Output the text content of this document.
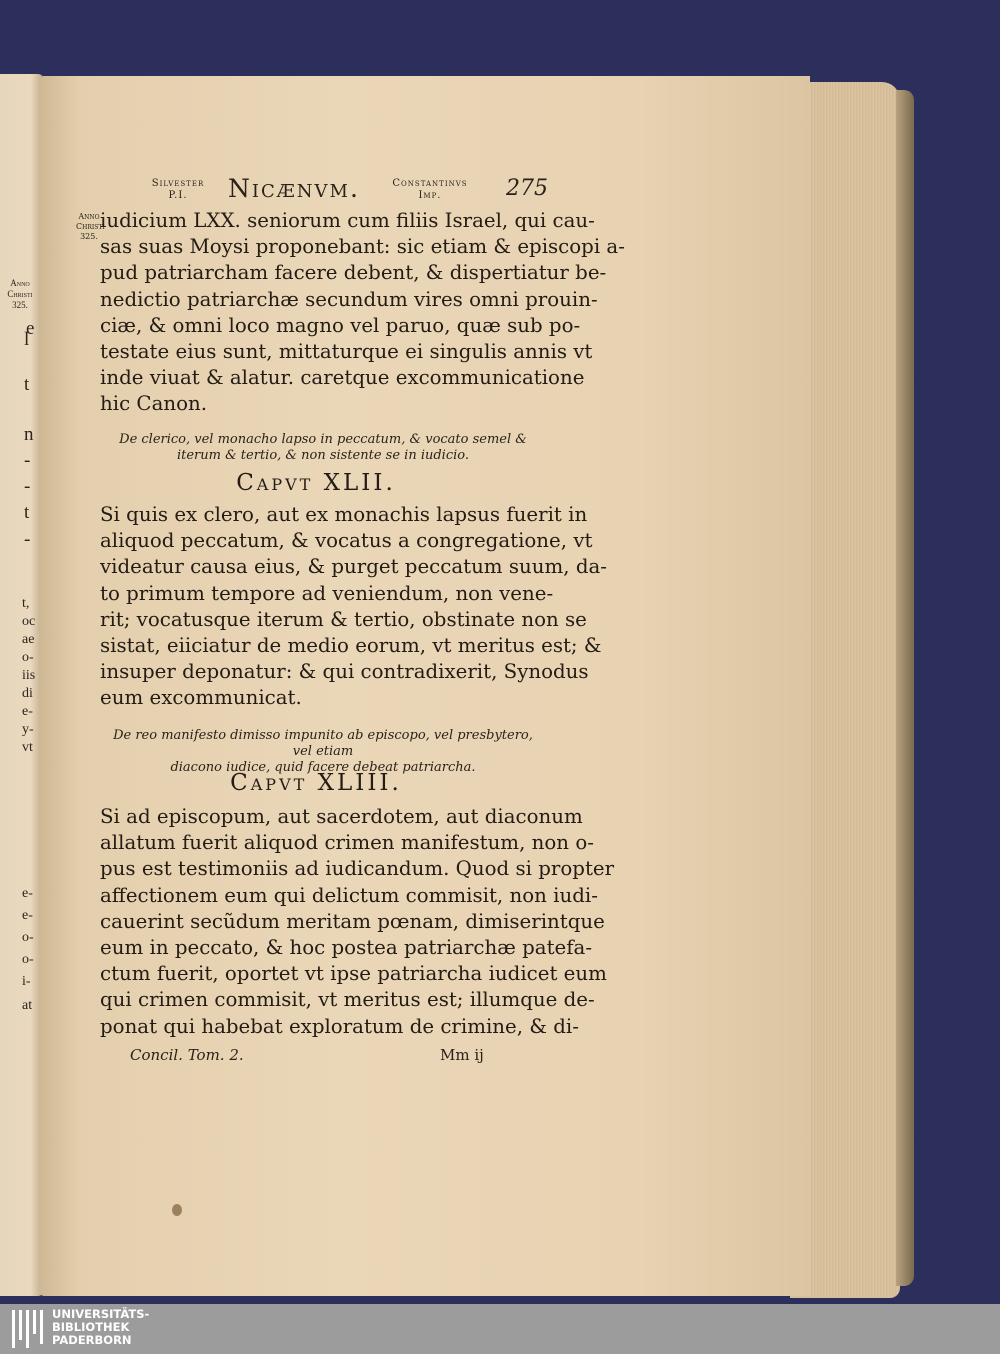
Anno
Christi
325.
l
e
t
n
-
-
t
-
t,
oc
ae
o-
iis
di
e-
y-
vt
e-
e-
o-
o-
i-
at
Silvester
P.I.	Nicænvm.	Constantinvs
Imp.	275
Anno
Christi
325.
iudicium LXX. seniorum cum filiis Israel, qui cau-
sas suas Moysi proponebant: sic etiam & episcopi a-
pud patriarcham facere debent, & dispertiatur be-
nedictio patriarchæ secundum vires omni prouin-
ciæ, & omni loco magno vel paruo, quæ sub po-
testate eius sunt, mittaturque ei singulis annis vt
inde viuat & alatur. caretque excommunicatione
hic Canon.
De clerico, vel monacho lapso in peccatum, & vocato semel &
iterum & tertio, & non sistente se in iudicio.
Capvt XLII.
Si quis ex clero, aut ex monachis lapsus fuerit in
aliquod peccatum, & vocatus a congregatione, vt
videatur causa eius, & purget peccatum suum, da-
to primum tempore ad veniendum, non vene-
rit; vocatusque iterum & tertio, obstinate non se
sistat, eiiciatur de medio eorum, vt meritus est; &
insuper deponatur: & qui contradixerit, Synodus
eum excommunicat.
De reo manifesto dimisso impunito ab episcopo, vel presbytero, vel etiam
diacono iudice, quid facere debeat patriarcha.
Capvt XLIII.
Si ad episcopum, aut sacerdotem, aut diaconum
allatum fuerit aliquod crimen manifestum, non o-
pus est testimoniis ad iudicandum. Quod si propter
affectionem eum qui delictum commisit, non iudi-
cauerint secũdum meritam pœnam, dimiserintque
eum in peccato, & hoc postea patriarchæ patefa-
ctum fuerit, oportet vt ipse patriarcha iudicet eum
qui crimen commisit, vt meritus est; illumque de-
ponat qui habebat exploratum de crimine, & di-
Concil. Tom. 2.	Mm ij
UNIVERSITÄTS-
BIBLIOTHEK
PADERBORN
